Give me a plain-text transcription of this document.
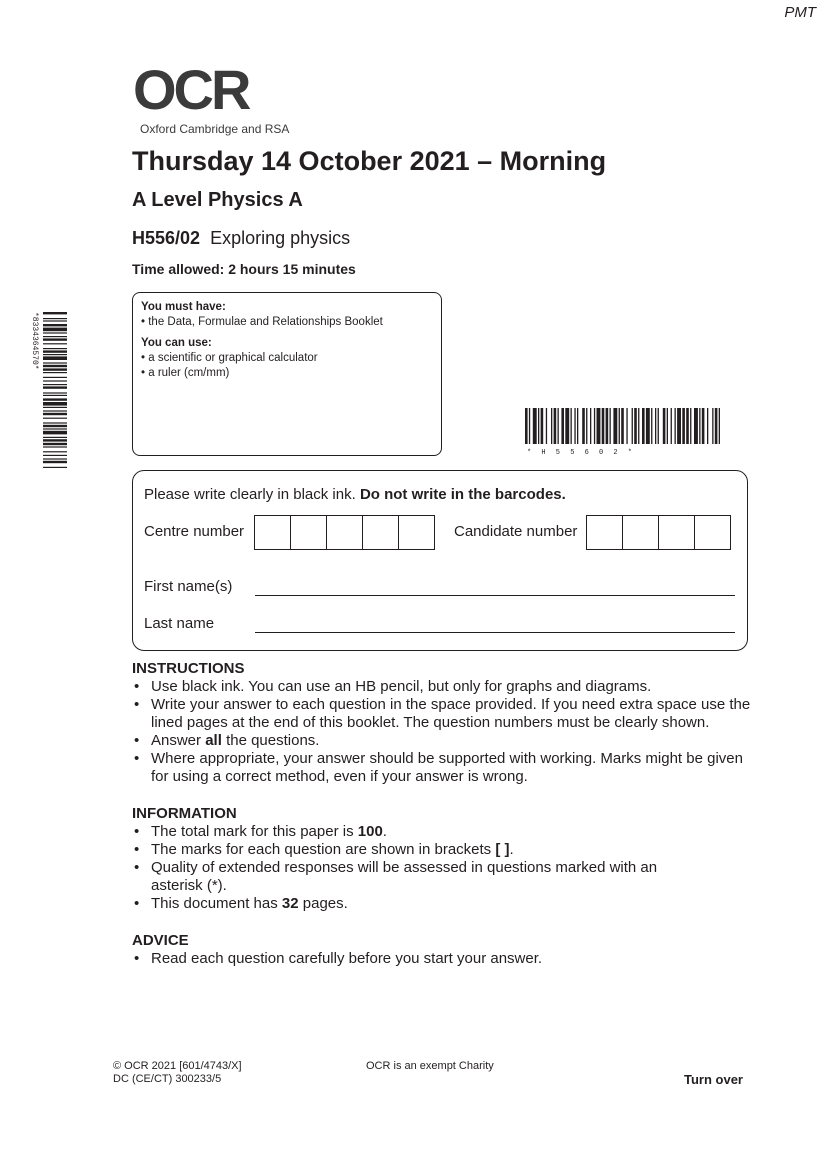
PMT
OCR
Oxford Cambridge and RSA
Thursday 14 October 2021 – Morning
A Level Physics A
H556/02 Exploring physics
Time allowed: 2 hours 15 minutes
*8334364570*
* H 5 5 6 0 2 *
You must have:
• the Data, Formulae and Relationships Booklet
You can use:
• a scientific or graphical calculator
• a ruler (cm/mm)
Please write clearly in black ink. Do not write in the barcodes.
Centre number	Candidate number
First name(s)
Last name
INSTRUCTIONS
• Use black ink. You can use an HB pencil, but only for graphs and diagrams.
• Write your answer to each question in the space provided. If you need extra space use the lined pages at the end of this booklet. The question numbers must be clearly shown.
• Answer all the questions.
• Where appropriate, your answer should be supported with working. Marks might be given for using a correct method, even if your answer is wrong.
INFORMATION
• The total mark for this paper is 100.
• The marks for each question are shown in brackets [ ].
• Quality of extended responses will be assessed in questions marked with an asterisk (*).
• This document has 32 pages.
ADVICE
• Read each question carefully before you start your answer.
© OCR 2021 [601/4743/X]
DC (CE/CT) 300233/5
OCR is an exempt Charity
Turn over
